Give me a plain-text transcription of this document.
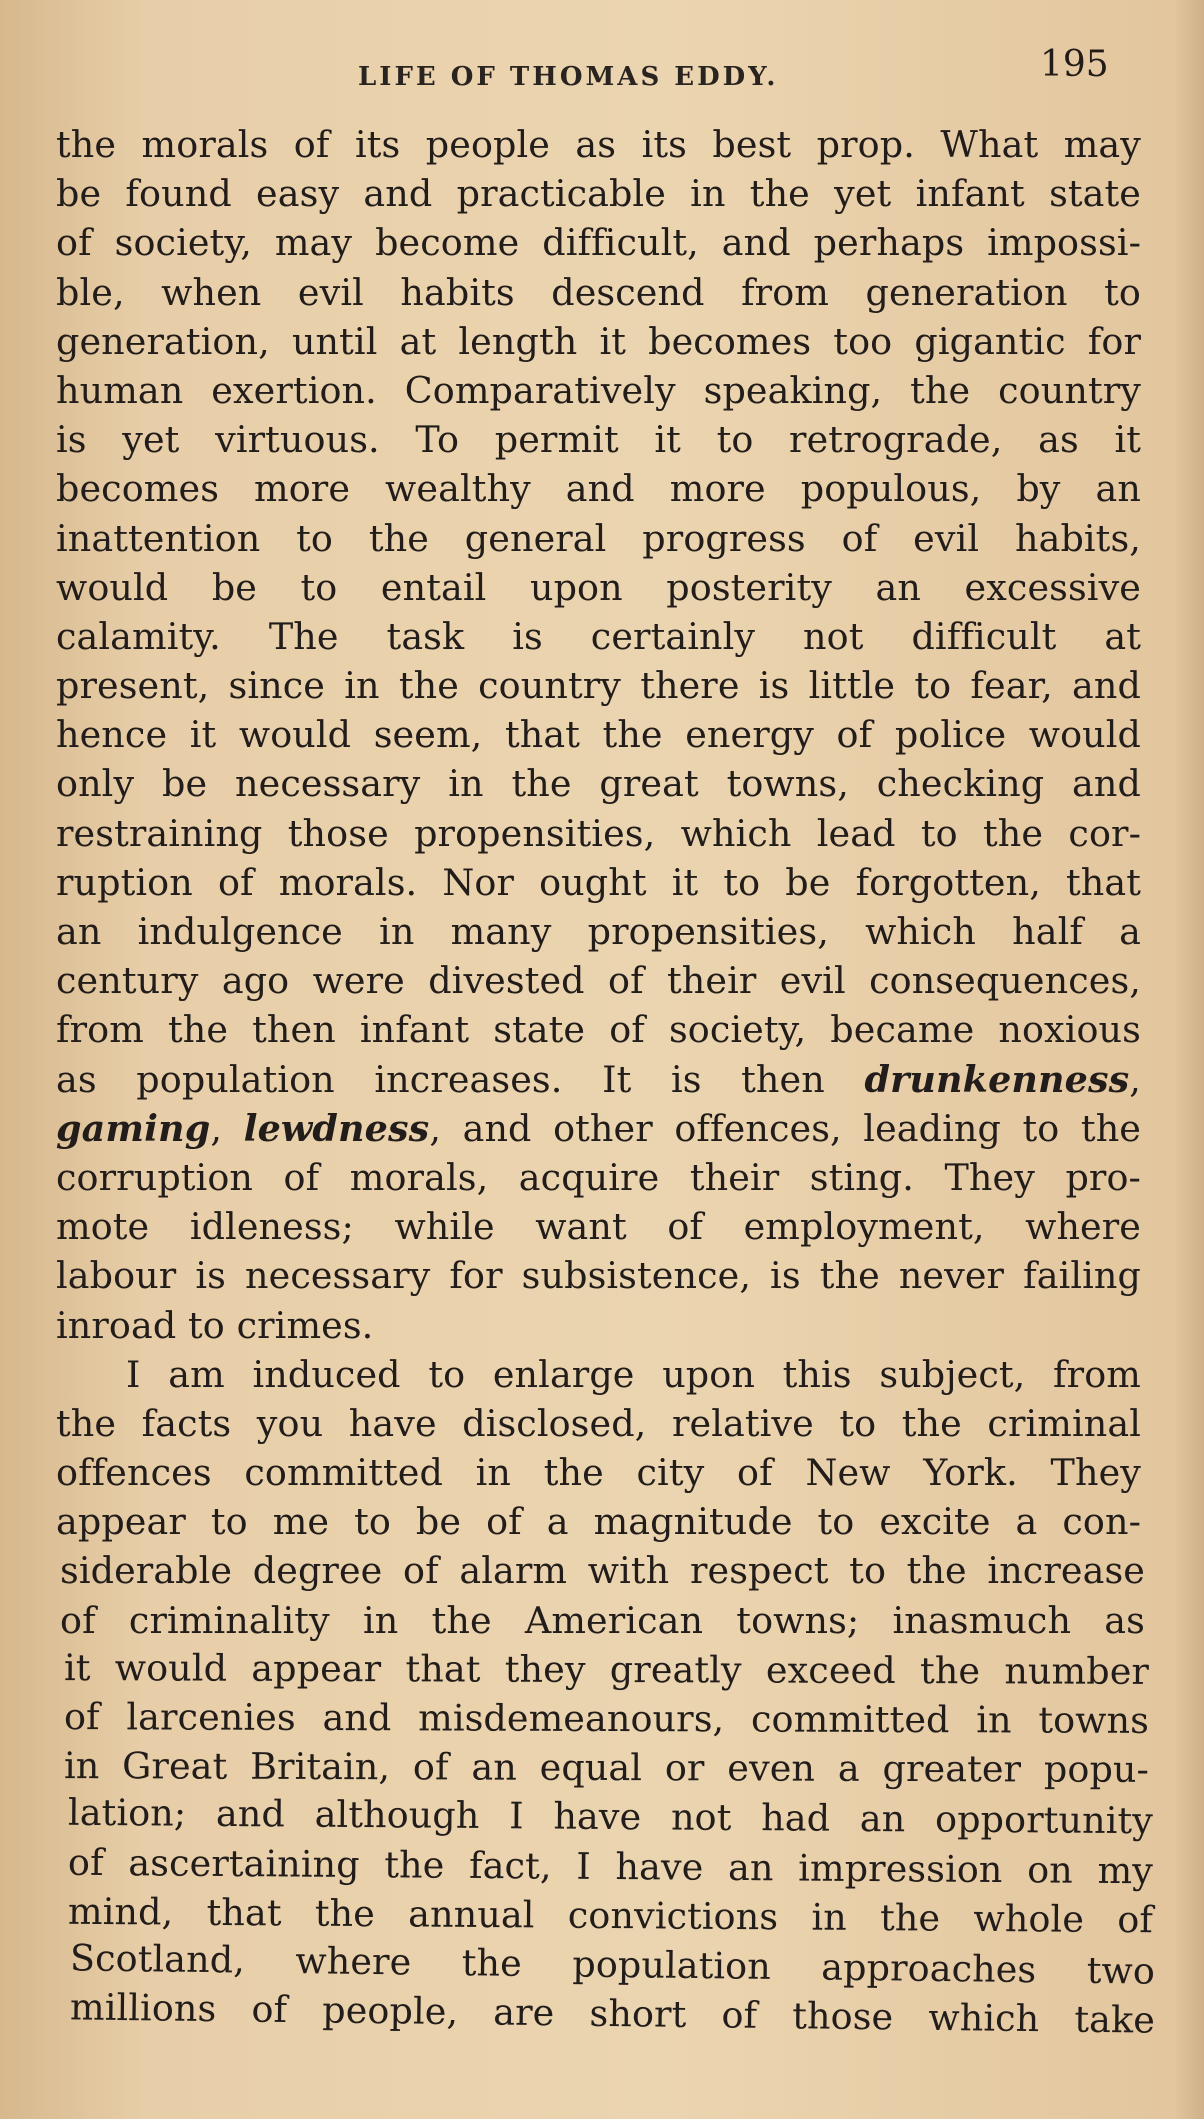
LIFE OF THOMAS EDDY.	195
the morals of its people as its best prop. What may
be found easy and practicable in the yet infant state
of society, may become difficult, and perhaps impossi-
ble, when evil habits descend from generation to
generation, until at length it becomes too gigantic for
human exertion. Comparatively speaking, the country
is yet virtuous. To permit it to retrograde, as it
becomes more wealthy and more populous, by an
inattention to the general progress of evil habits,
would be to entail upon posterity an excessive
calamity. The task is certainly not difficult at
present, since in the country there is little to fear, and
hence it would seem, that the energy of police would
only be necessary in the great towns, checking and
restraining those propensities, which lead to the cor-
ruption of morals. Nor ought it to be forgotten, that
an indulgence in many propensities, which half a
century ago were divested of their evil consequences,
from the then infant state of society, became noxious
as population increases. It is then drunkenness,
gaming, lewdness, and other offences, leading to the
corruption of morals, acquire their sting. They pro-
mote idleness; while want of employment, where
labour is necessary for subsistence, is the never failing
inroad to crimes.
I am induced to enlarge upon this subject, from
the facts you have disclosed, relative to the criminal
offences committed in the city of New York. They
appear to me to be of a magnitude to excite a con-
siderable degree of alarm with respect to the increase
of criminality in the American towns; inasmuch as
it would appear that they greatly exceed the number
of larcenies and misdemeanours, committed in towns
in Great Britain, of an equal or even a greater popu-
lation; and although I have not had an opportunity
of ascertaining the fact, I have an impression on my
mind, that the annual convictions in the whole of
Scotland, where the population approaches two
millions of people, are short of those which take
